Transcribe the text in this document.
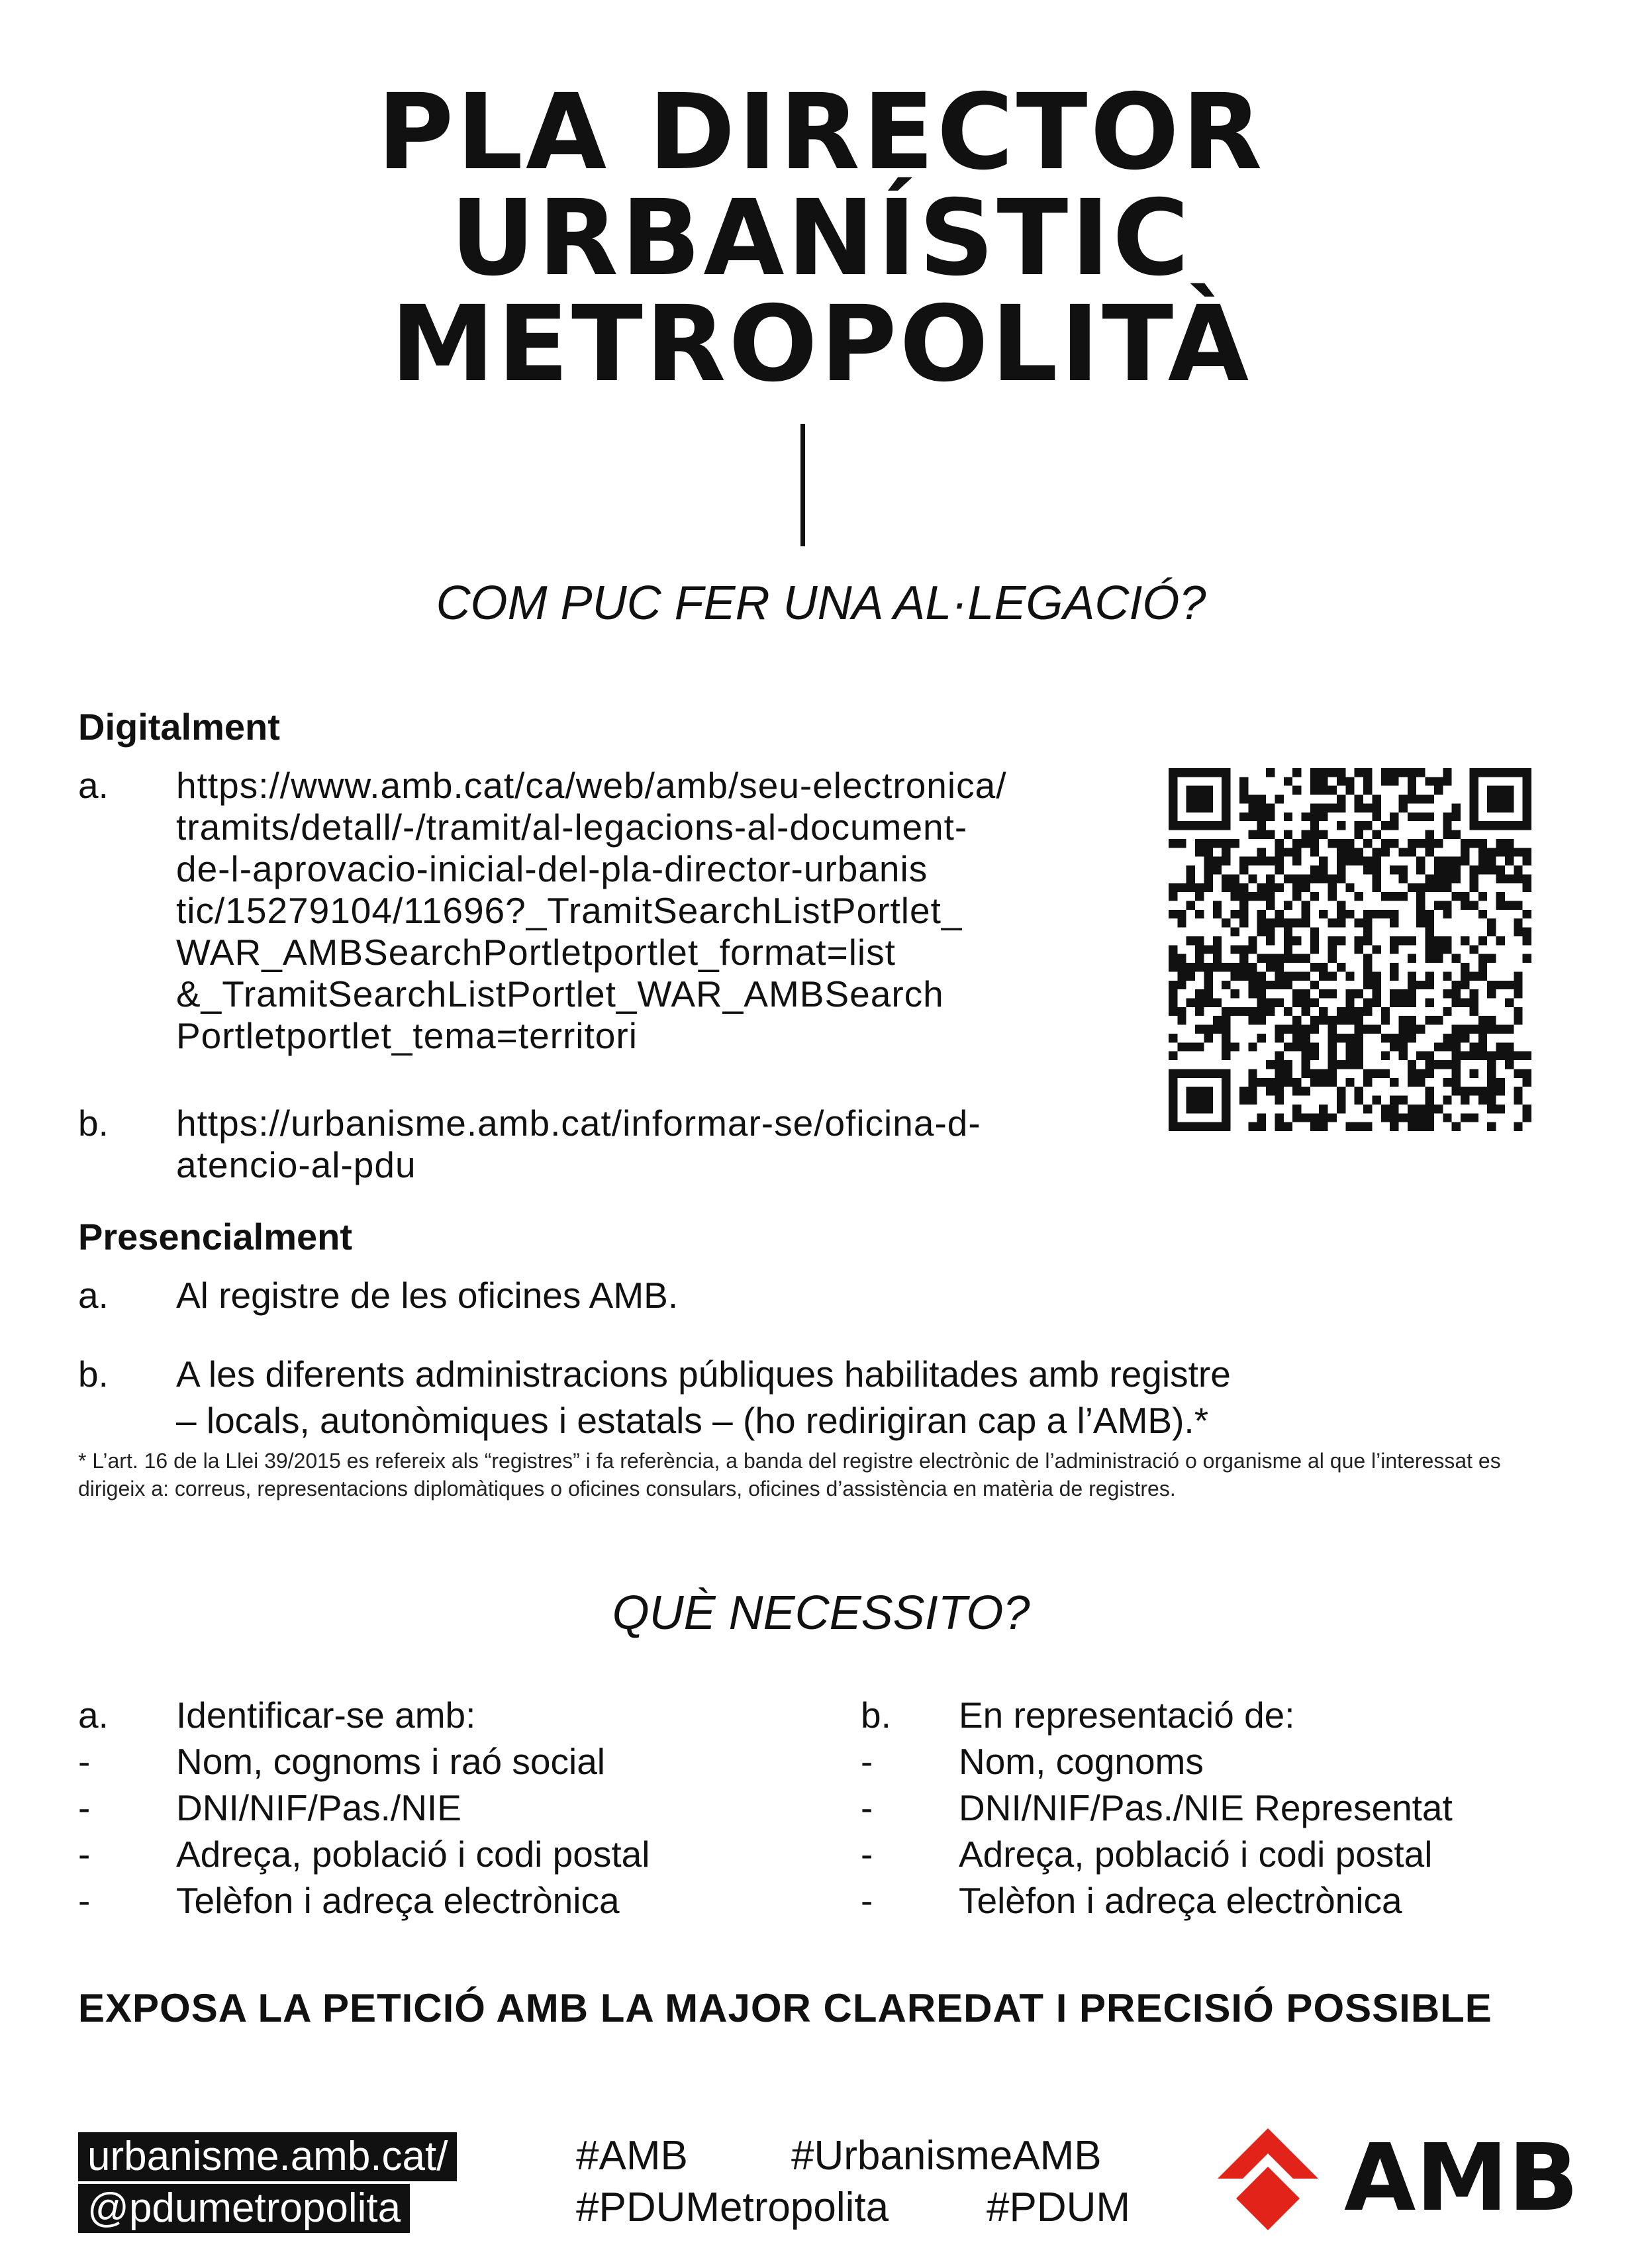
PLA DIRECTOR
URBANÍSTIC
METROPOLITÀ
COM PUC FER UNA AL·LEGACIÓ?
Digitalment
a. https://www.amb.cat/ca/web/amb/seu-electronica/
tramits/detall/-/tramit/al-legacions-al-document-
de-l-aprovacio-inicial-del-pla-director-urbanis
tic/15279104/11696?_TramitSearchListPortlet_
WAR_AMBSearchPortletportlet_format=list
&_TramitSearchListPortlet_WAR_AMBSearch
Portletportlet_tema=territori
b. https://urbanisme.amb.cat/informar-se/oficina-d-
atencio-al-pdu
Presencialment
a. Al registre de les oficines AMB.
b. A les diferents administracions públiques habilitades amb registre
– locals, autonòmiques i estatals – (ho redirigiran cap a l’AMB).*
* L’art. 16 de la Llei 39/2015 es refereix als “registres” i fa referència, a banda del registre electrònic de l’administració o organisme al que l’interessat es dirigeix a: correus, representacions diplomàtiques o oficines consulars, oficines d’assistència en matèria de registres.
QUÈ NECESSITO?
a. Identificar-se amb:
- Nom, cognoms i raó social
- DNI/NIF/Pas./NIE
- Adreça, població i codi postal
- Telèfon i adreça electrònica
b. En representació de:
- Nom, cognoms
- DNI/NIF/Pas./NIE Representat
- Adreça, població i codi postal
- Telèfon i adreça electrònica
EXPOSA LA PETICIÓ AMB LA MAJOR CLAREDAT I PRECISIÓ POSSIBLE
urbanisme.amb.cat/
@pdumetropolita
#AMB	#UrbanismeAMB
#PDUMetropolita #PDUM AMB
